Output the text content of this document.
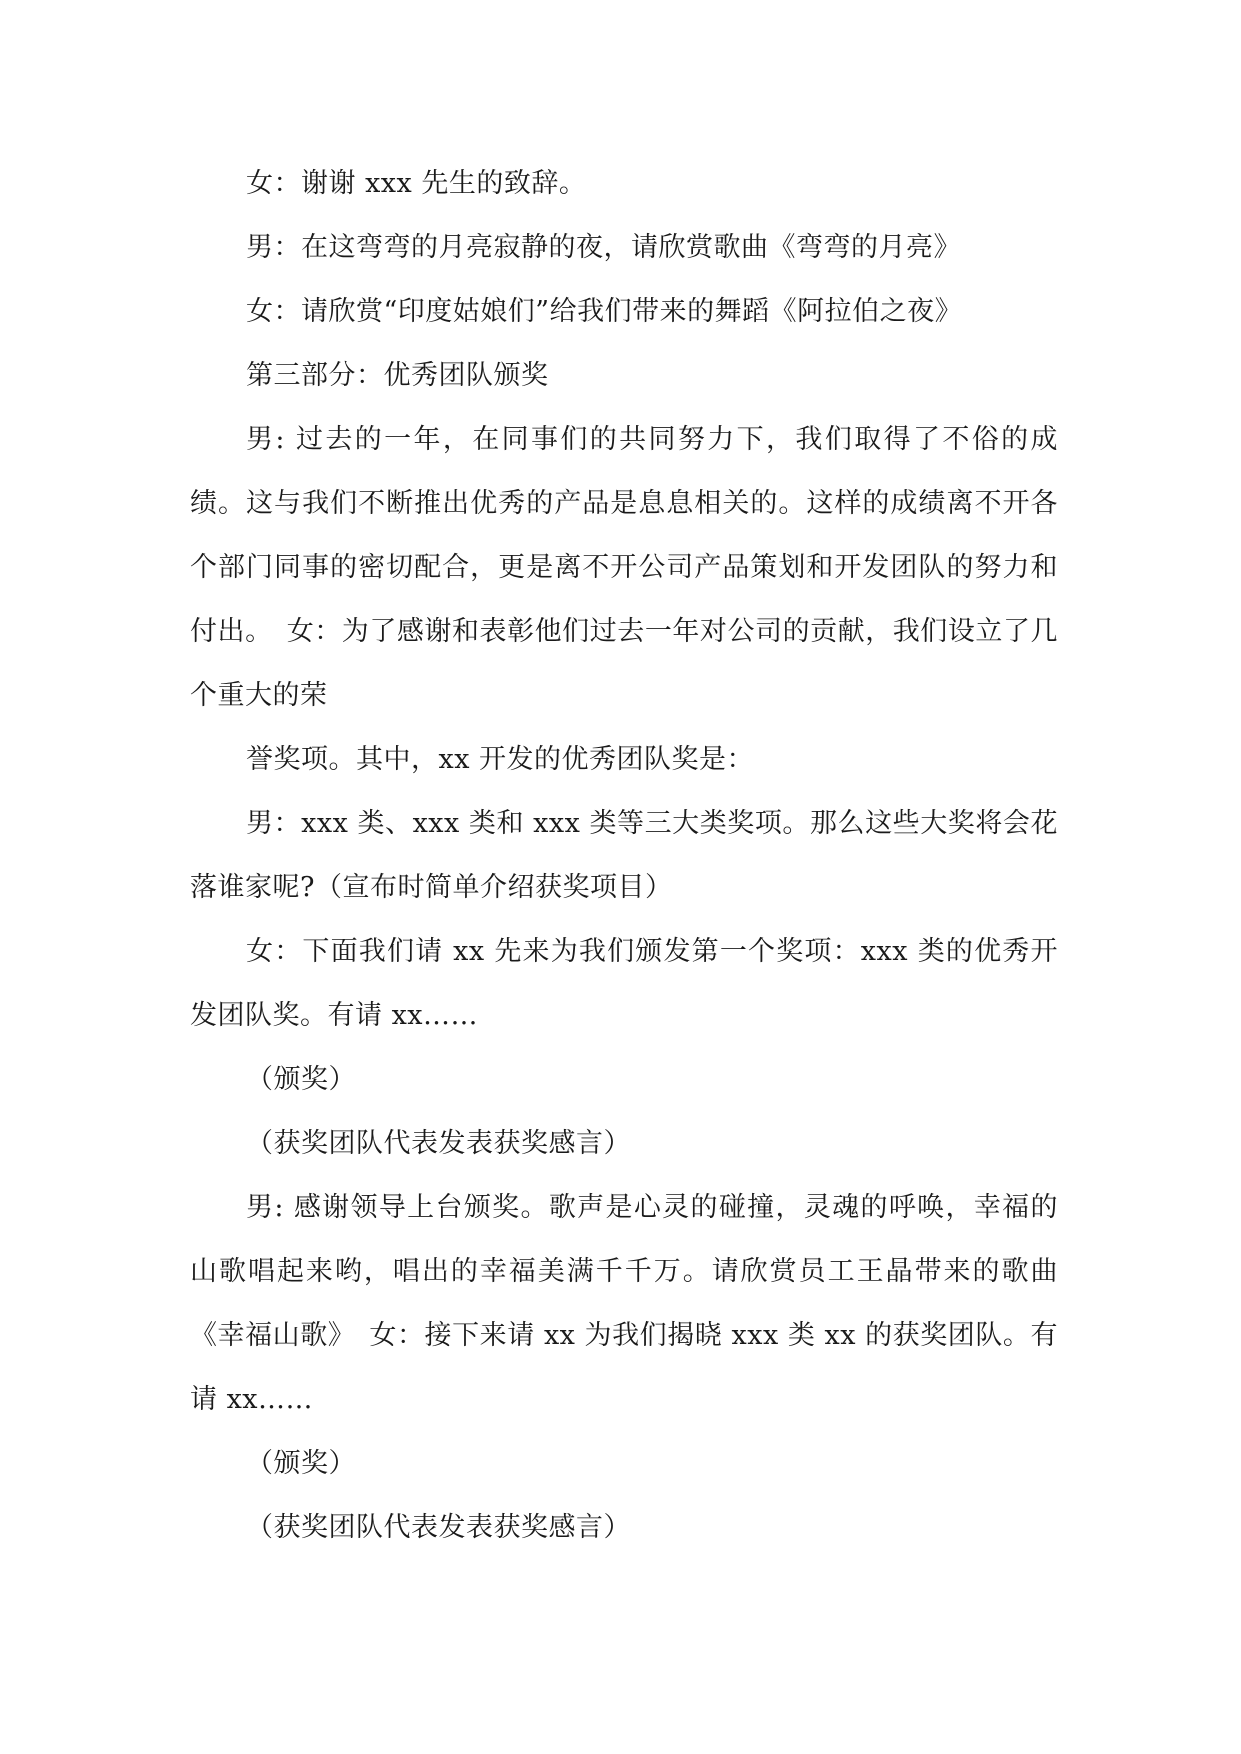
女：谢谢 xxx 先生的致辞。

男：在这弯弯的月亮寂静的夜，请欣赏歌曲《弯弯的月亮》

女：请欣赏“印度姑娘们”给我们带来的舞蹈《阿拉伯之夜》

第三部分：优秀团队颁奖

男: 过去的一年，在同事们的共同努力下，我们取得了不俗的成绩。这与我们不断推出优秀的产品是息息相关的。这样的成绩离不开各个部门同事的密切配合，更是离不开公司产品策划和开发团队的努力和付出。　女：为了感谢和表彰他们过去一年对公司的贡献，我们设立了几个重大的荣

誉奖项。其中，xx 开发的优秀团队奖是：

男：xxx 类、xxx 类和 xxx 类等三大类奖项。那么这些大奖将会花落谁家呢?（宣布时简单介绍获奖项目）

女：下面我们请 xx 先来为我们颁发第一个奖项：xxx 类的优秀开发团队奖。有请 xx……

（颁奖）

（获奖团队代表发表获奖感言）

男: 感谢领导上台颁奖。歌声是心灵的碰撞，灵魂的呼唤，幸福的山歌唱起来哟，唱出的幸福美满千千万。请欣赏员工王晶带来的歌曲《幸福山歌》　女：接下来请 xx 为我们揭晓 xxx 类 xx 的获奖团队。有请 xx……

（颁奖）

（获奖团队代表发表获奖感言）
